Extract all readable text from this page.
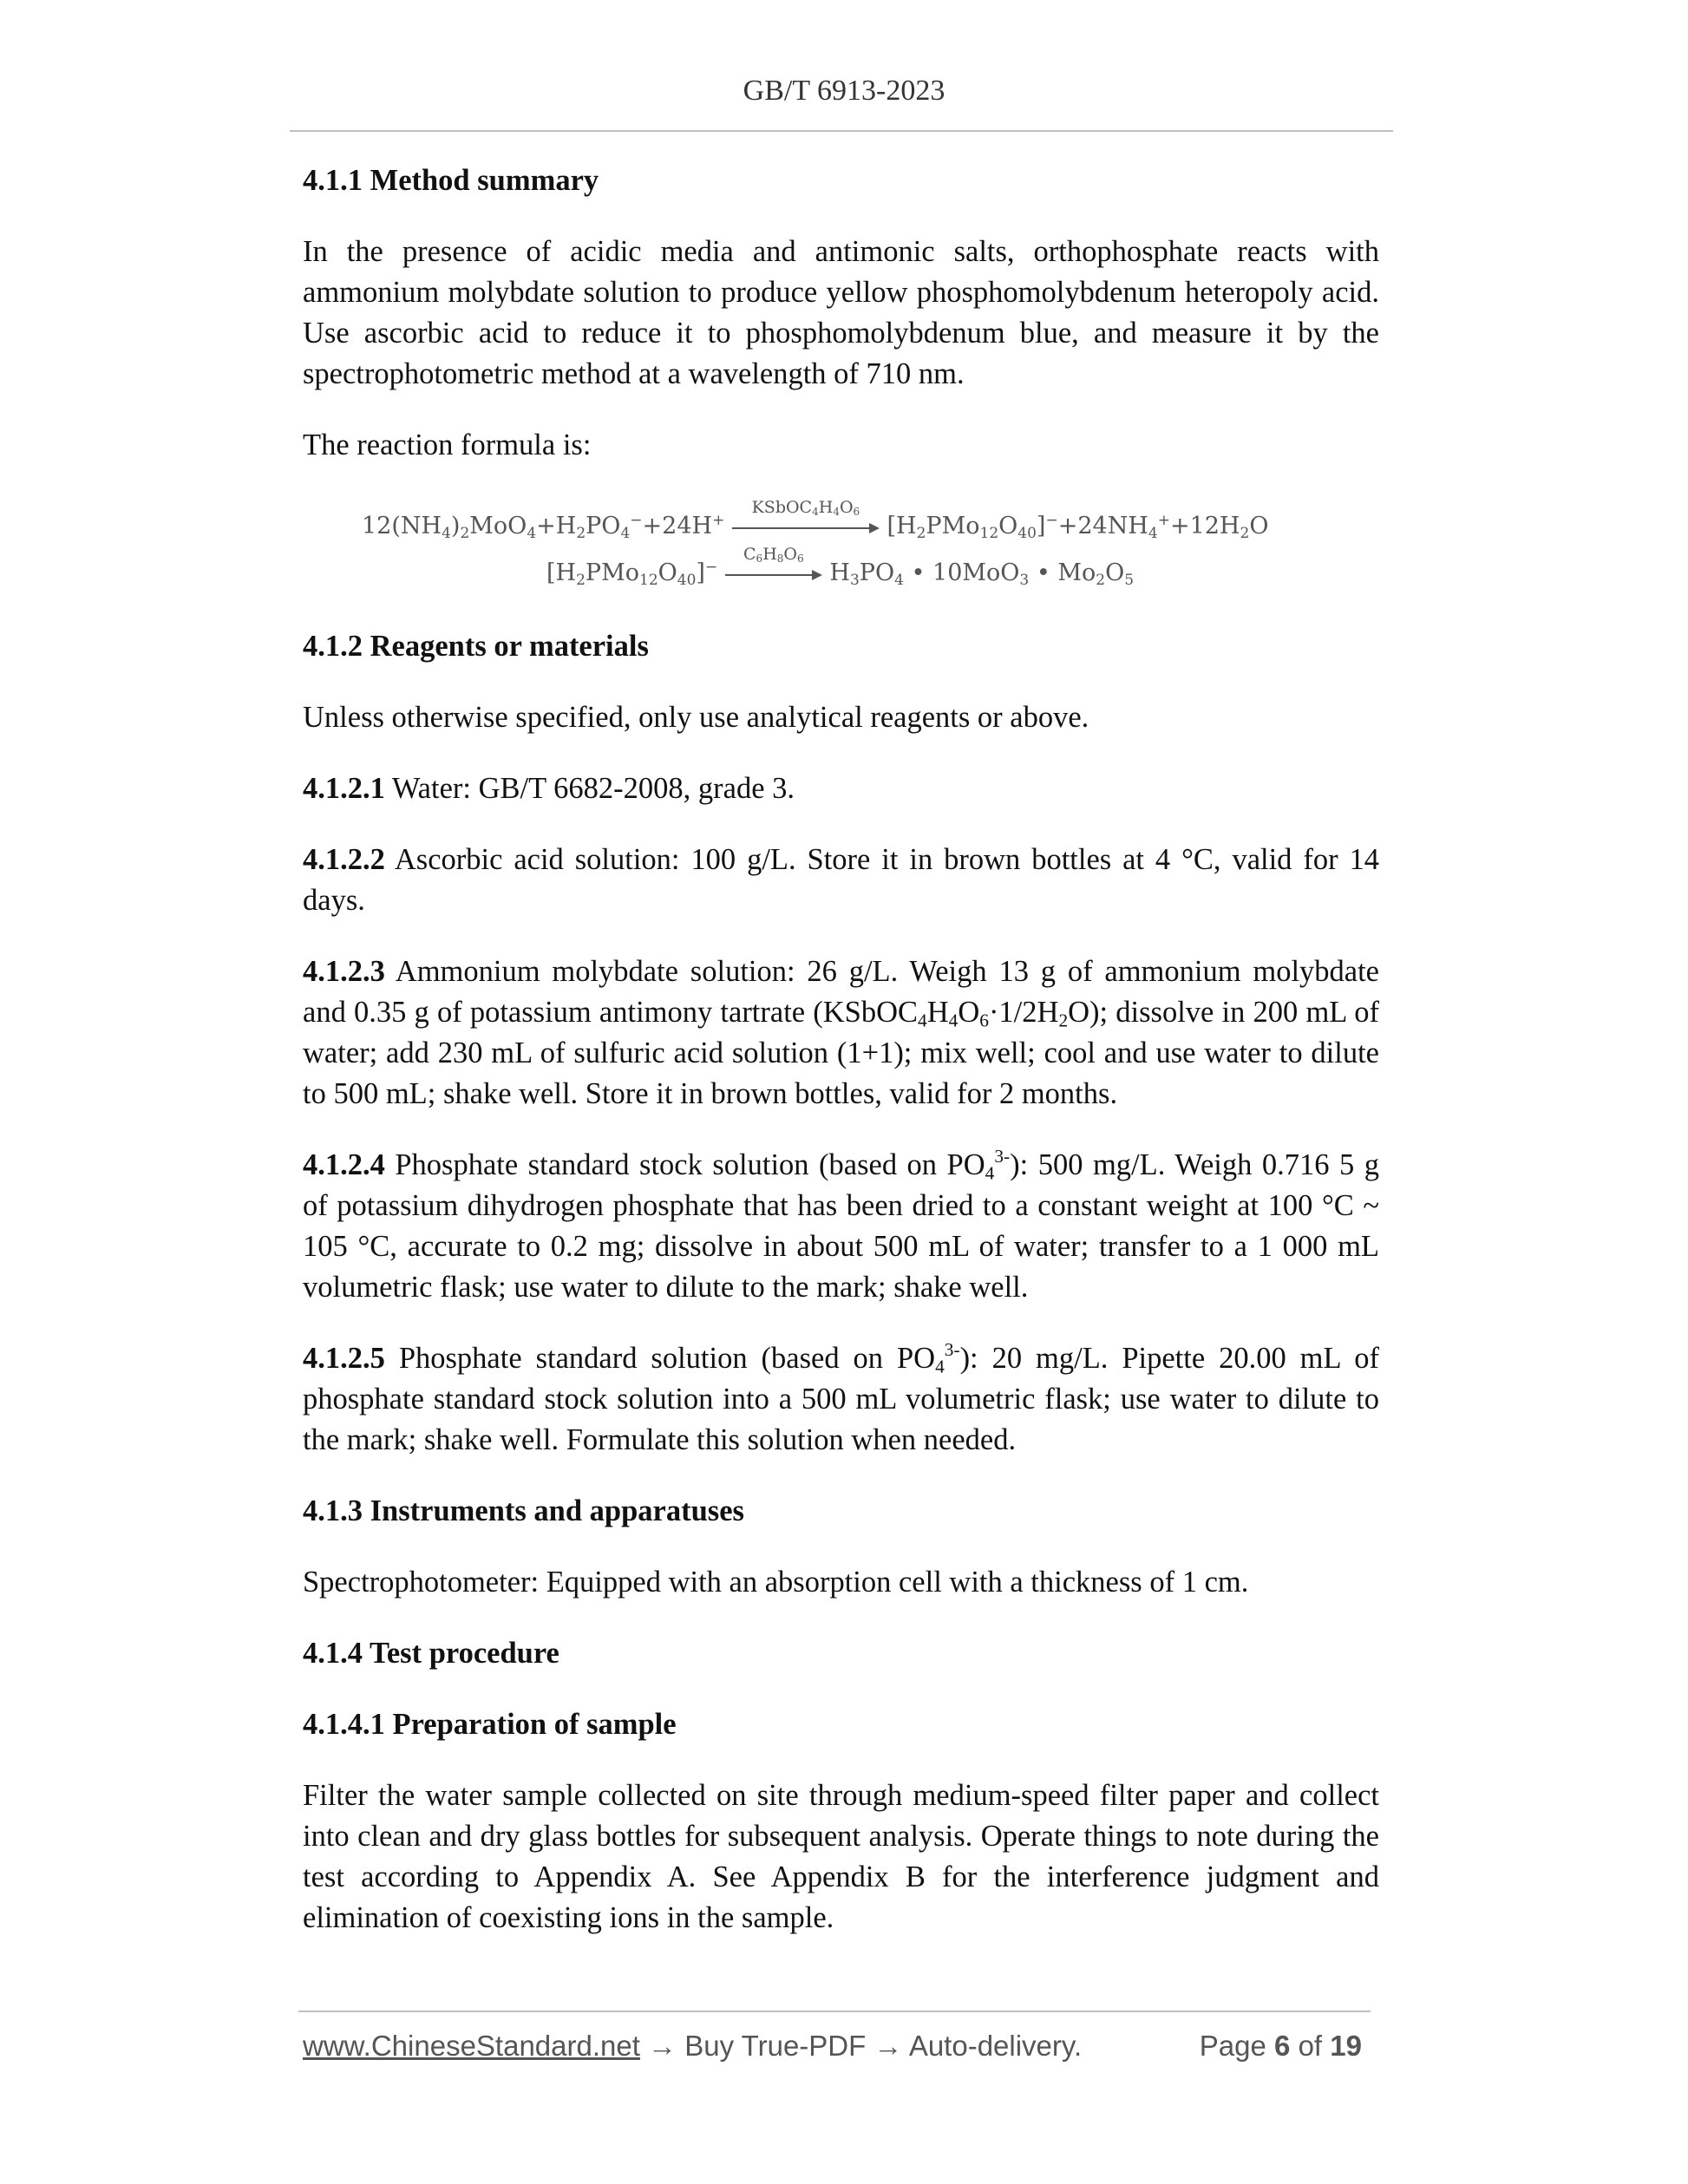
GB/T 6913-2023
4.1.1 Method summary

In the presence of acidic media and antimonic salts, orthophosphate reacts with ammonium molybdate solution to produce yellow phosphomolybdenum heteropoly acid. Use ascorbic acid to reduce it to phosphomolybdenum blue, and measure it by the spectrophotometric method at a wavelength of 710 nm.

The reaction formula is:

12(NH4)2MoO4+H2PO4−+24H+
KSbOC4H4O6
[H2PMo12O40]−+24NH4++12H2O
[H2PMo12O40]−
C6H8O6
H3PO4 • 10MoO3 • Mo2O5
4.1.2 Reagents or materials

Unless otherwise specified, only use analytical reagents or above.

4.1.2.1 Water: GB/T 6682-2008, grade 3.

4.1.2.2 Ascorbic acid solution: 100 g/L. Store it in brown bottles at 4 °C, valid for 14 days.

4.1.2.3 Ammonium molybdate solution: 26 g/L. Weigh 13 g of ammonium molybdate and 0.35 g of potassium antimony tartrate $(KSbOC_4H_4O_6\cdot 1/2H_2O)$; dissolve in 200 mL of water; add 230 mL of sulfuric acid solution (1+1); mix well; cool and use water to dilute to 500 mL; shake well. Store it in brown bottles, valid for 2 months.

4.1.2.4 Phosphate standard stock solution (based on $PO_4^{3-}$): 500 mg/L. Weigh 0.716 5 g of potassium dihydrogen phosphate that has been dried to a constant weight at 100 °C ~ 105 °C, accurate to 0.2 mg; dissolve in about 500 mL of water; transfer to a 1 000 mL volumetric flask; use water to dilute to the mark; shake well.

4.1.2.5 Phosphate standard solution (based on $PO_4^{3-}$): 20 mg/L. Pipette 20.00 mL of phosphate standard stock solution into a 500 mL volumetric flask; use water to dilute to the mark; shake well. Formulate this solution when needed.

4.1.3 Instruments and apparatuses

Spectrophotometer: Equipped with an absorption cell with a thickness of 1 cm.

4.1.4 Test procedure
4.1.4.1 Preparation of sample

Filter the water sample collected on site through medium-speed filter paper and collect into clean and dry glass bottles for subsequent analysis. Operate things to note during the test according to Appendix A. See Appendix B for the interference judgment and elimination of coexisting ions in the sample.

www.ChineseStandard.net → Buy True-PDF → Auto-delivery.	Page 6 of 19
